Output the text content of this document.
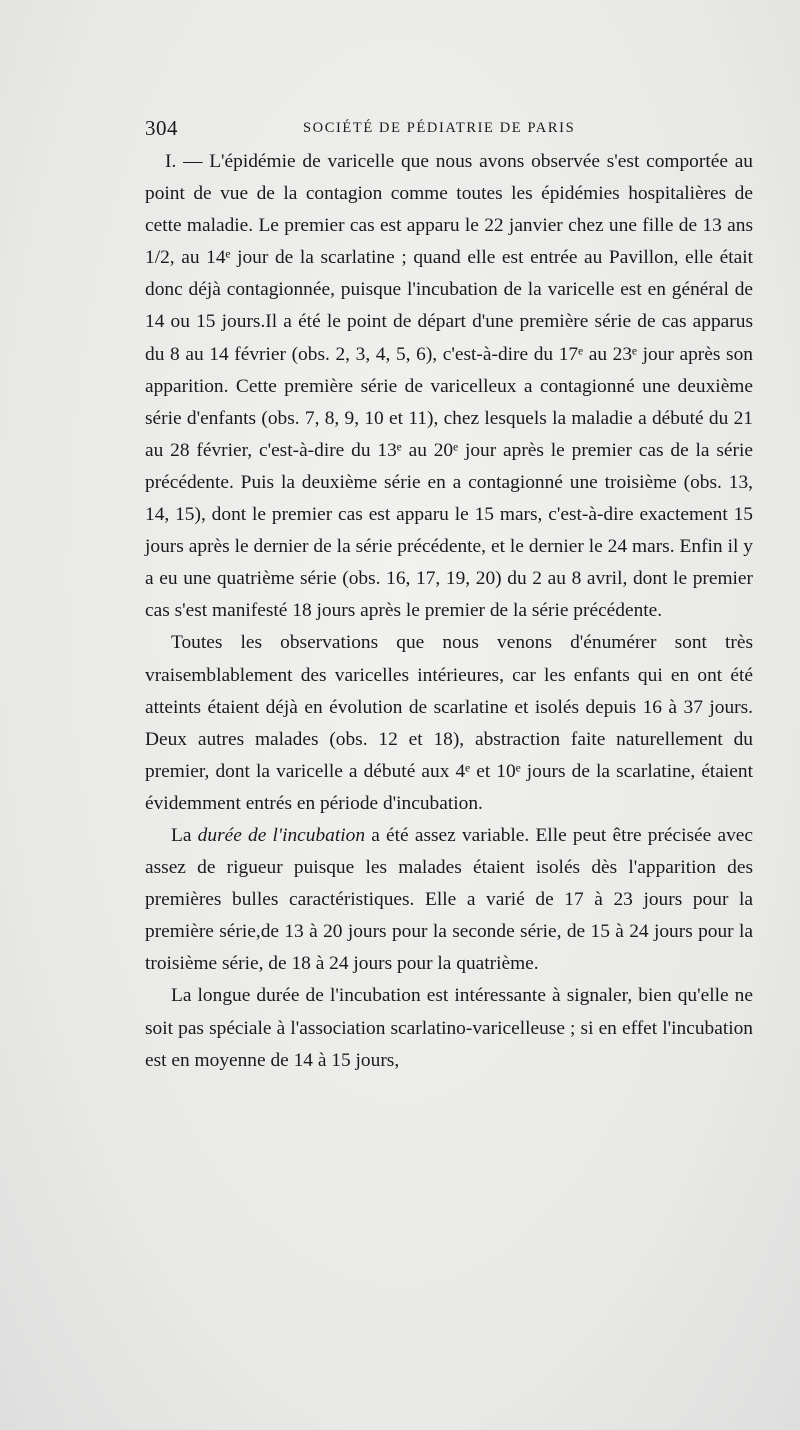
304	SOCIÉTÉ DE PÉDIATRIE DE PARIS

I. — L'épidémie de varicelle que nous avons observée s'est comportée au point de vue de la contagion comme toutes les épidémies hospitalières de cette maladie. Le premier cas est apparu le 22 janvier chez une fille de 13 ans 1/2, au 14ᵉ jour de la scarlatine ; quand elle est entrée au Pavillon, elle était donc déjà contagionnée, puisque l'incubation de la varicelle est en général de 14 ou 15 jours.Il a été le point de départ d'une première série de cas apparus du 8 au 14 février (obs. 2, 3, 4, 5, 6), c'est-à-dire du 17ᵉ au 23ᵉ jour après son apparition. Cette première série de varicelleux a contagionné une deuxième série d'enfants (obs. 7, 8, 9, 10 et 11), chez lesquels la maladie a débuté du 21 au 28 février, c'est-à-dire du 13ᵉ au 20ᵉ jour après le premier cas de la série précédente. Puis la deuxième série en a contagionné une troisième (obs. 13, 14, 15), dont le premier cas est apparu le 15 mars, c'est-à-dire exactement 15 jours après le dernier de la série précédente, et le dernier le 24 mars. Enfin il y a eu une quatrième série (obs. 16, 17, 19, 20) du 2 au 8 avril, dont le premier cas s'est manifesté 18 jours après le premier de la série précédente.

Toutes les observations que nous venons d'énumérer sont très vraisemblablement des varicelles intérieures, car les enfants qui en ont été atteints étaient déjà en évolution de scarlatine et isolés depuis 16 à 37 jours. Deux autres malades (obs. 12 et 18), abstraction faite naturellement du premier, dont la varicelle a débuté aux 4ᵉ et 10ᵉ jours de la scarlatine, étaient évidemment entrés en période d'incubation.

La durée de l'incubation a été assez variable. Elle peut être précisée avec assez de rigueur puisque les malades étaient isolés dès l'apparition des premières bulles caractéristiques. Elle a varié de 17 à 23 jours pour la première série,de 13 à 20 jours pour la seconde série, de 15 à 24 jours pour la troisième série, de 18 à 24 jours pour la quatrième.

La longue durée de l'incubation est intéressante à signaler, bien qu'elle ne soit pas spéciale à l'association scarlatino-varicelleuse ; si en effet l'incubation est en moyenne de 14 à 15 jours,
